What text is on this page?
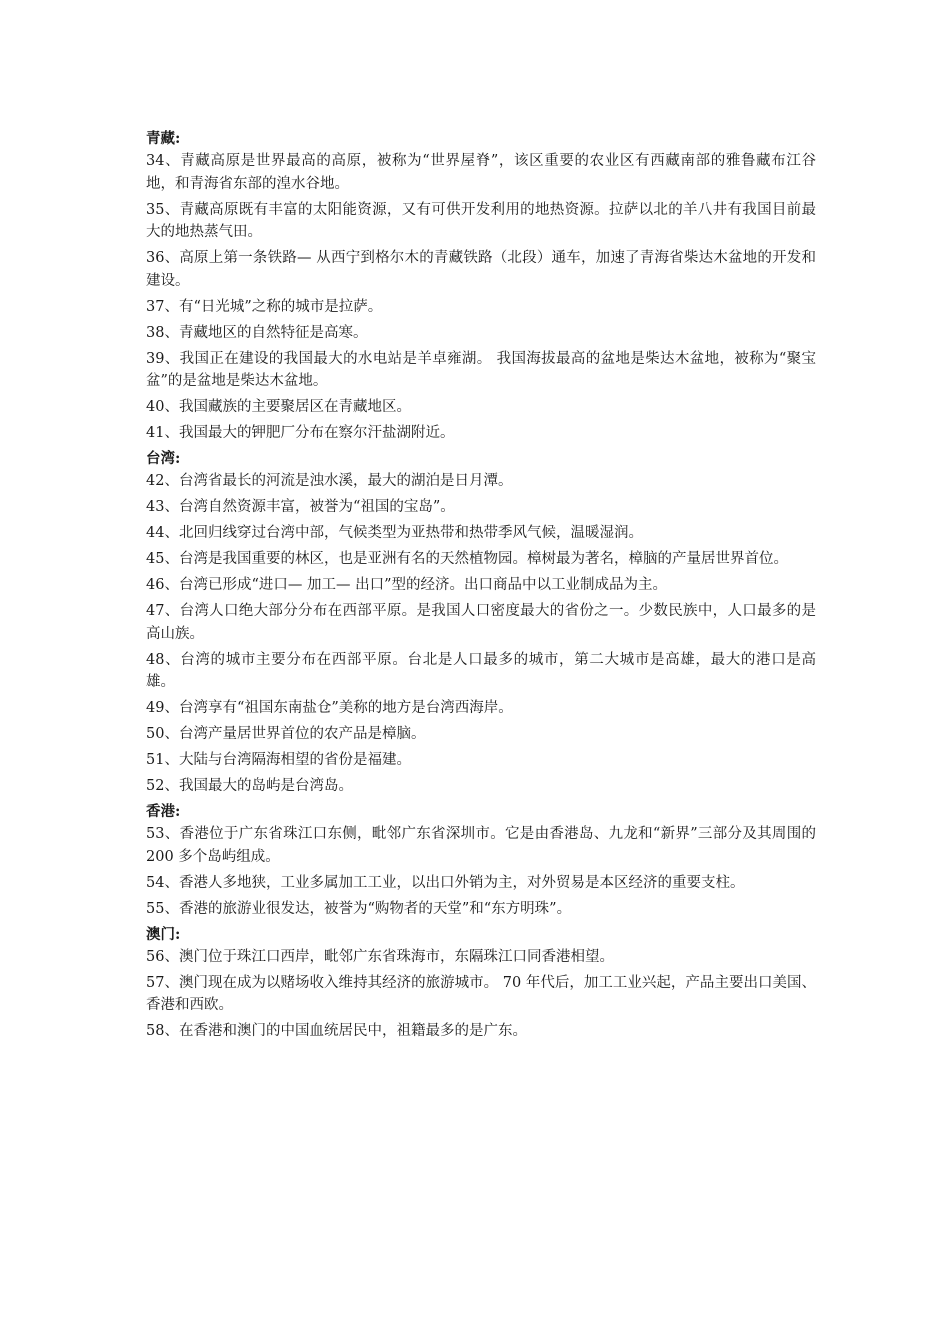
青藏:

34、青藏高原是世界最高的高原，被称为“世界屋脊”，该区重要的农业区有西藏南部的雅鲁藏布江谷地，和青海省东部的湟水谷地。

35、青藏高原既有丰富的太阳能资源，又有可供开发利用的地热资源。拉萨以北的羊八井有我国目前最大的地热蒸气田。

36、高原上第一条铁路— 从西宁到格尔木的青藏铁路（北段）通车，加速了青海省柴达木盆地的开发和建设。

37、有“日光城”之称的城市是拉萨。

38、青藏地区的自然特征是高寒。

39、我国正在建设的我国最大的水电站是羊卓雍湖。 我国海拔最高的盆地是柴达木盆地，被称为“聚宝盆”的是盆地是柴达木盆地。

40、我国藏族的主要聚居区在青藏地区。

41、我国最大的钾肥厂分布在察尔汗盐湖附近。

台湾:

42、台湾省最长的河流是浊水溪，最大的湖泊是日月潭。

43、台湾自然资源丰富，被誉为“祖国的宝岛”。

44、北回归线穿过台湾中部，气候类型为亚热带和热带季风气候，温暖湿润。

45、台湾是我国重要的林区，也是亚洲有名的天然植物园。樟树最为著名，樟脑的产量居世界首位。

46、台湾已形成“进口— 加工— 出口”型的经济。出口商品中以工业制成品为主。

47、台湾人口绝大部分分布在西部平原。是我国人口密度最大的省份之一。少数民族中，人口最多的是高山族。

48、台湾的城市主要分布在西部平原。台北是人口最多的城市，第二大城市是高雄，最大的港口是高雄。

49、台湾享有“祖国东南盐仓”美称的地方是台湾西海岸。

50、台湾产量居世界首位的农产品是樟脑。

51、大陆与台湾隔海相望的省份是福建。

52、我国最大的岛屿是台湾岛。

香港:

53、香港位于广东省珠江口东侧，毗邻广东省深圳市。它是由香港岛、九龙和“新界”三部分及其周围的 200 多个岛屿组成。

54、香港人多地狭，工业多属加工工业，以出口外销为主，对外贸易是本区经济的重要支柱。

55、香港的旅游业很发达，被誉为“购物者的天堂”和“东方明珠”。

澳门:

56、澳门位于珠江口西岸，毗邻广东省珠海市，东隔珠江口同香港相望。

57、澳门现在成为以赌场收入维持其经济的旅游城市。 70 年代后，加工工业兴起，产品主要出口美国、香港和西欧。

58、在香港和澳门的中国血统居民中，祖籍最多的是广东。
